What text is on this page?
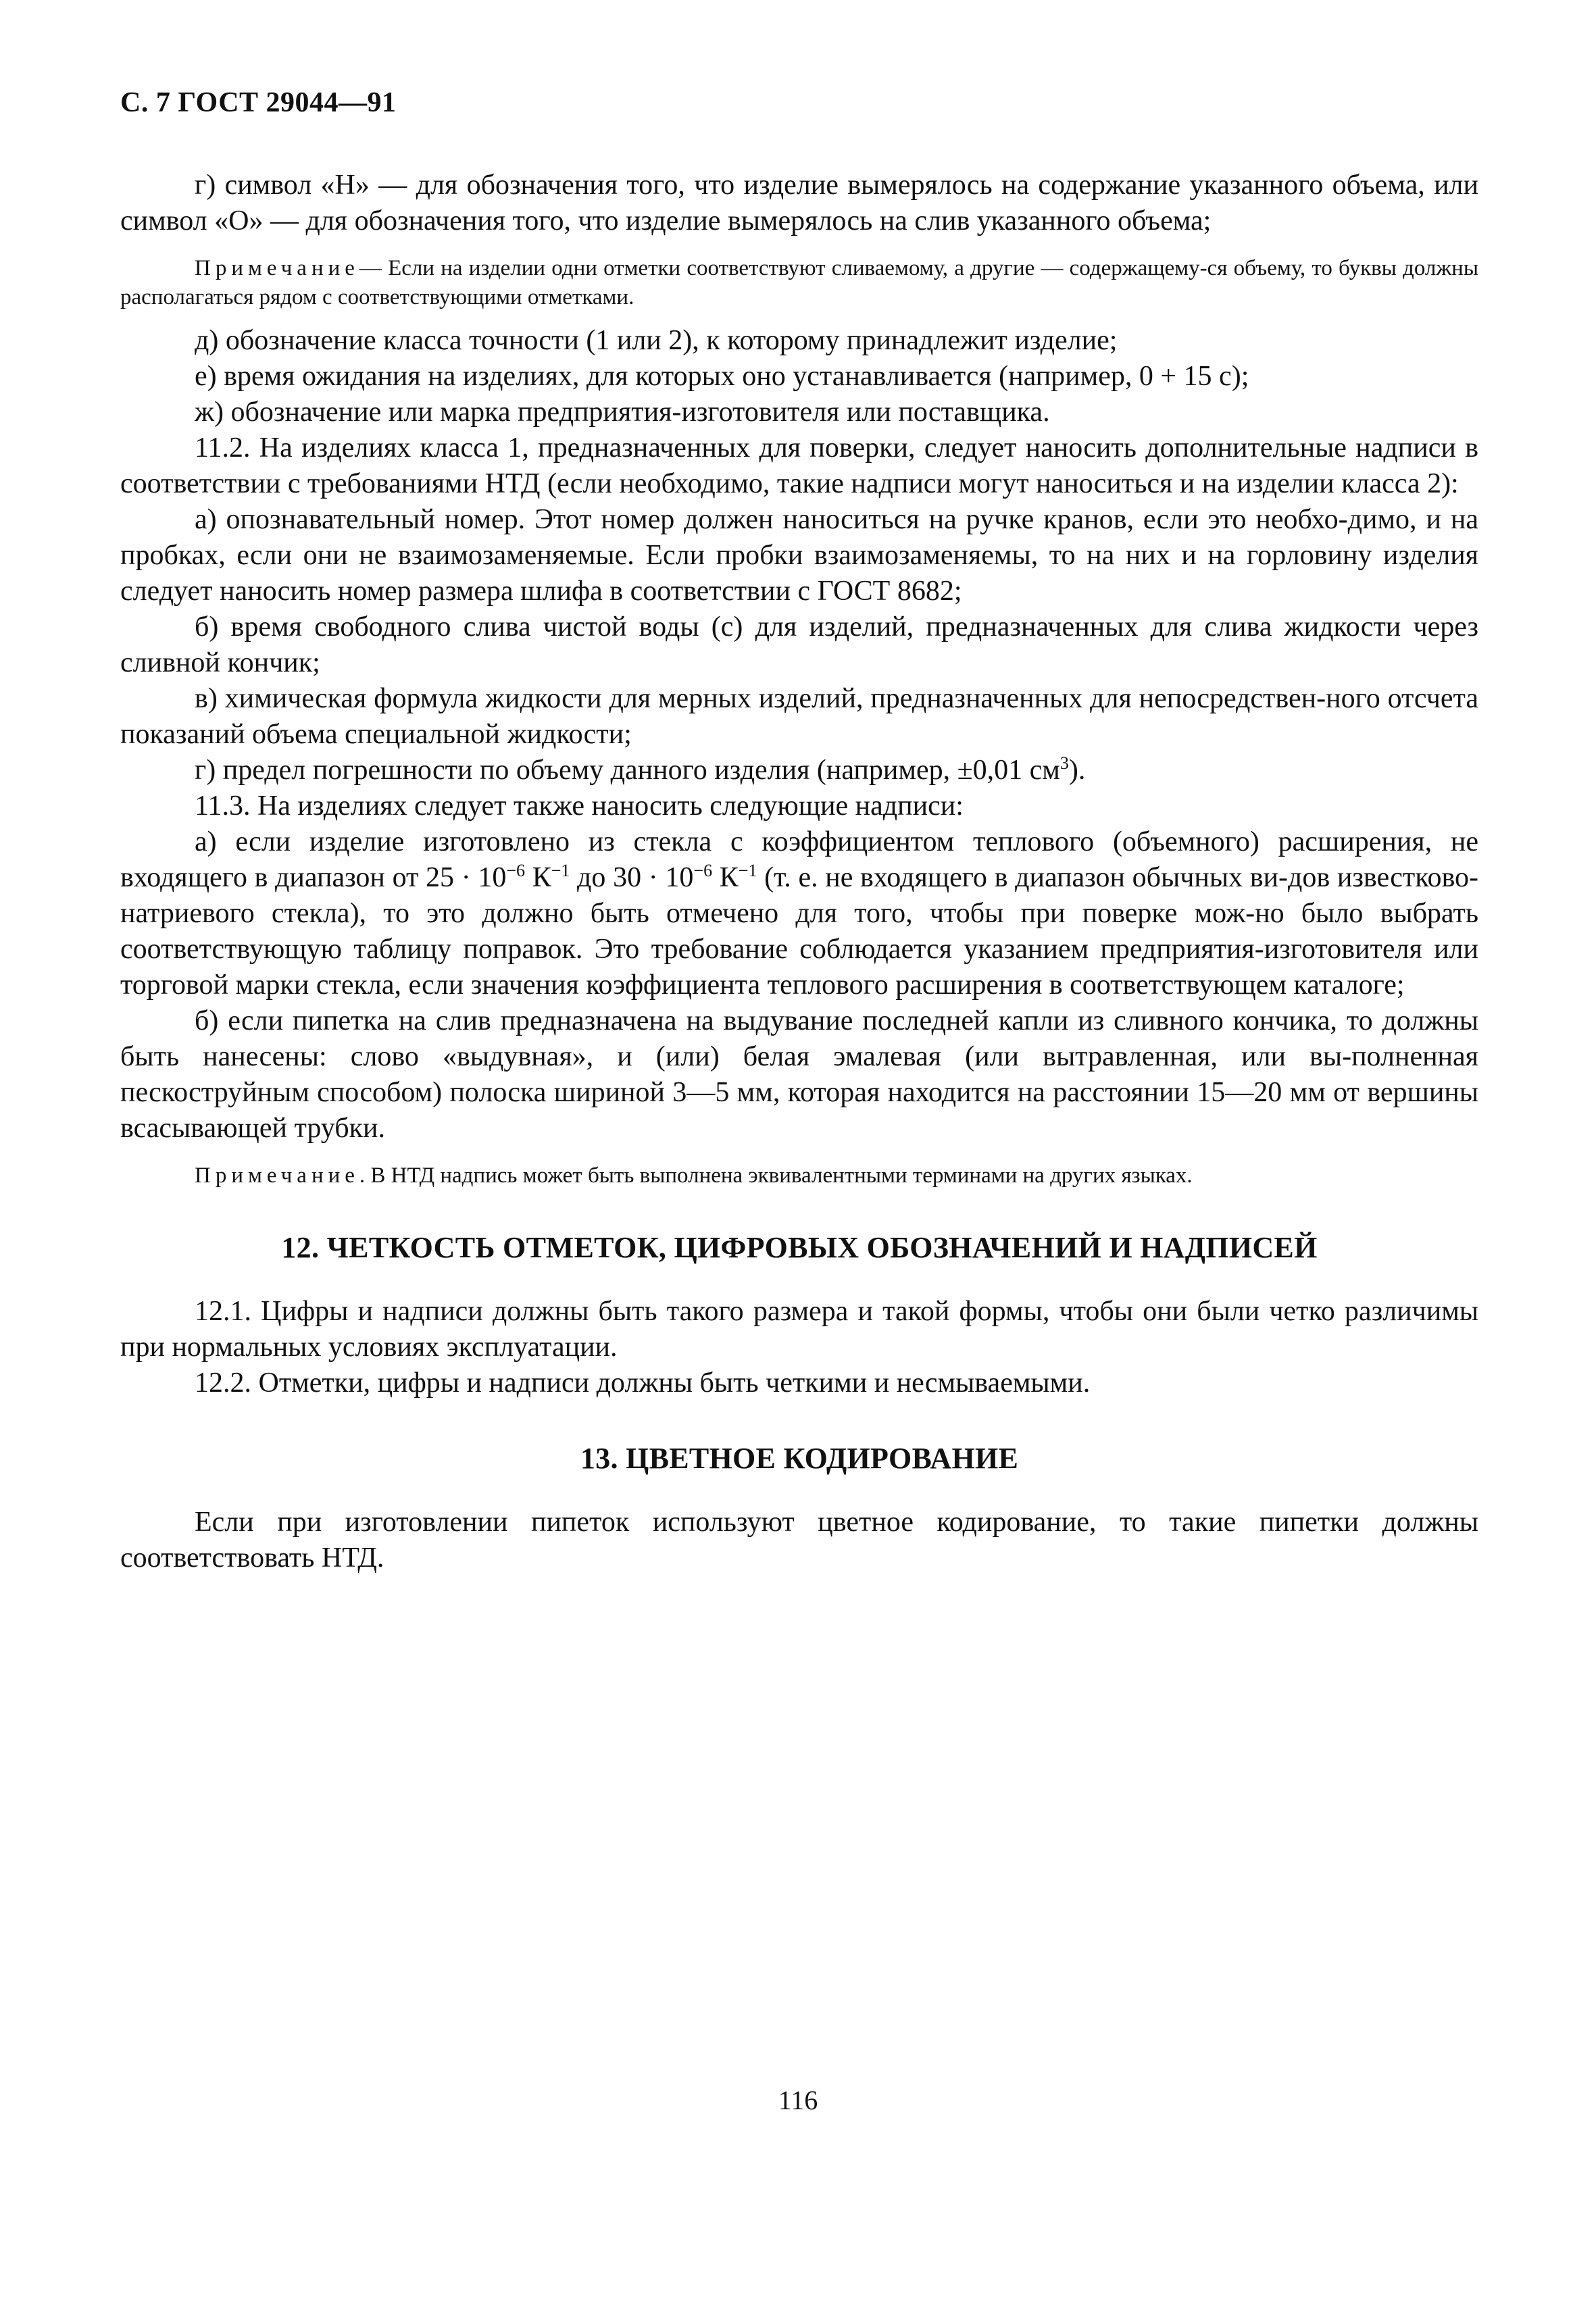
С. 7 ГОСТ 29044—91

г) символ «Н» — для обозначения того, что изделие вымерялось на содержание указанного объема, или символ «О» — для обозначения того, что изделие вымерялось на слив указанного объема;

Примечание— Если на изделии одни отметки соответствуют сливаемому, а другие — содержащему-ся объему, то буквы должны располагаться рядом с соответствующими отметками.

д) обозначение класса точности (1 или 2), к которому принадлежит изделие;

е) время ожидания на изделиях, для которых оно устанавливается (например, 0 + 15 с);

ж) обозначение или марка предприятия-изготовителя или поставщика.

11.2. На изделиях класса 1, предназначенных для поверки, следует наносить дополнительные надписи в соответствии с требованиями НТД (если необходимо, такие надписи могут наноситься и на изделии класса 2):

а) опознавательный номер. Этот номер должен наноситься на ручке кранов, если это необхо-димо, и на пробках, если они не взаимозаменяемые. Если пробки взаимозаменяемы, то на них и на горловину изделия следует наносить номер размера шлифа в соответствии с ГОСТ 8682;

б) время свободного слива чистой воды (с) для изделий, предназначенных для слива жидкости через сливной кончик;

в) химическая формула жидкости для мерных изделий, предназначенных для непосредствен-ного отсчета показаний объема специальной жидкости;

г) предел погрешности по объему данного изделия (например, ±0,01 $см^3$).

11.3. На изделиях следует также наносить следующие надписи:

а) если изделие изготовлено из стекла с коэффициентом теплового (объемного) расширения, не входящего в диапазон от $25 \cdot 10^{-6}$ $К^{-1}$ до $30 \cdot 10^{-6}$ $К^{-1}$ (т. е. не входящего в диапазон обычных ви-дов известково-натриевого стекла), то это должно быть отмечено для того, чтобы при поверке мож-но было выбрать соответствующую таблицу поправок. Это требование соблюдается указанием предприятия-изготовителя или торговой марки стекла, если значения коэффициента теплового расширения в соответствующем каталоге;

б) если пипетка на слив предназначена на выдувание последней капли из сливного кончика, то должны быть нанесены: слово «выдувная», и (или) белая эмалевая (или вытравленная, или вы-полненная пескоструйным способом) полоска шириной 3—5 мм, которая находится на расстоянии 15—20 мм от вершины всасывающей трубки.

Примечание. В НТД надпись может быть выполнена эквивалентными терминами на других языках.
12. ЧЕТКОСТЬ ОТМЕТОК, ЦИФРОВЫХ ОБОЗНАЧЕНИЙ И НАДПИСЕЙ

12.1. Цифры и надписи должны быть такого размера и такой формы, чтобы они были четко различимы при нормальных условиях эксплуатации.

12.2. Отметки, цифры и надписи должны быть четкими и несмываемыми.

13. ЦВЕТНОЕ КОДИРОВАНИЕ

Если при изготовлении пипеток используют цветное кодирование, то такие пипетки должны соответствовать НТД.

116
